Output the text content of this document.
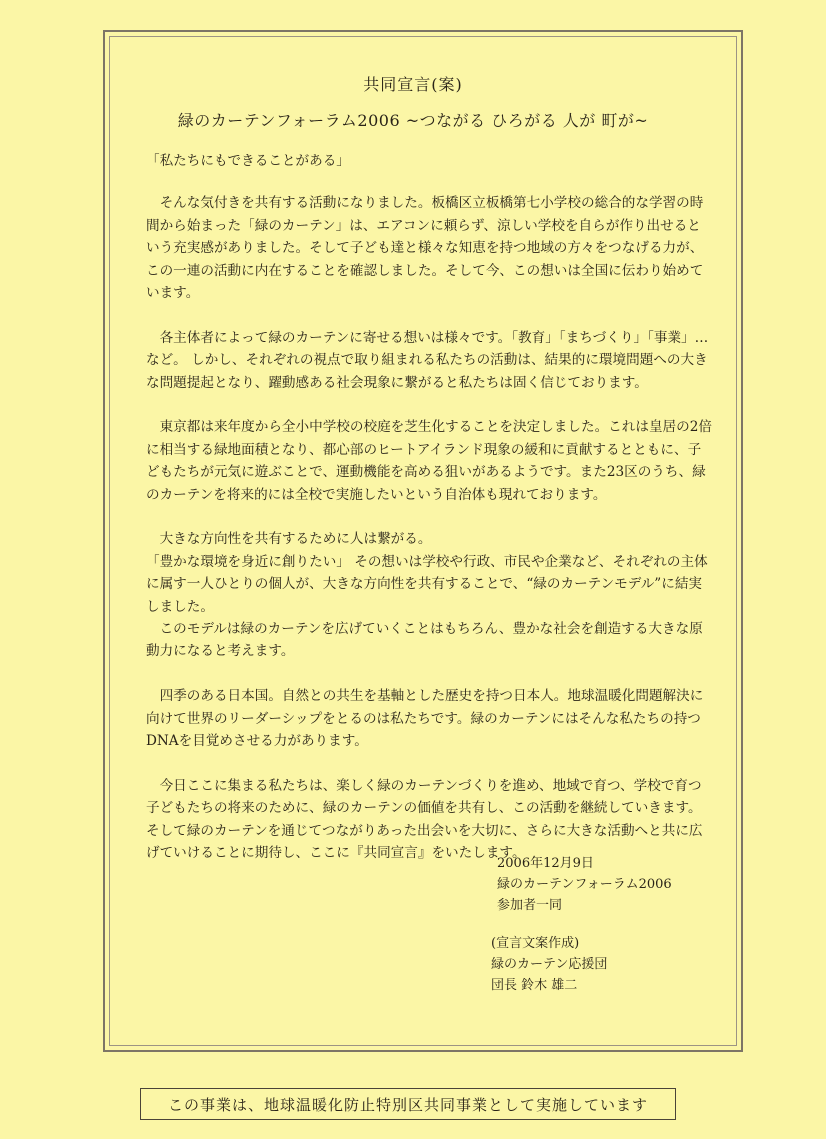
共同宣言(案)
緑のカーテンフォーラム2006 ~つながる ひろがる 人が 町が~

「私たちにもできることがある」

そんな気付きを共有する活動になりました。板橋区立板橋第七小学校の総合的な学習の時間から始まった「緑のカーテン」は、エアコンに頼らず、涼しい学校を自らが作り出せるという充実感がありました。そして子ども達と様々な知恵を持つ地域の方々をつなげる力が、この一連の活動に内在することを確認しました。そして今、この想いは全国に伝わり始めています。

各主体者によって緑のカーテンに寄せる想いは様々です。「教育」「まちづくり」「事業」…など。 しかし、それぞれの視点で取り組まれる私たちの活動は、結果的に環境問題への大きな問題提起となり、躍動感ある社会現象に繋がると私たちは固く信じております。

東京都は来年度から全小中学校の校庭を芝生化することを決定しました。これは皇居の2倍に相当する緑地面積となり、都心部のヒートアイランド現象の緩和に貢献するとともに、子どもたちが元気に遊ぶことで、運動機能を高める狙いがあるようです。また23区のうち、緑のカーテンを将来的には全校で実施したいという自治体も現れております。

大きな方向性を共有するために人は繋がる。

「豊かな環境を身近に創りたい」 その想いは学校や行政、市民や企業など、それぞれの主体に属す一人ひとりの個人が、大きな方向性を共有することで、“緑のカーテンモデル”に結実しました。

このモデルは緑のカーテンを広げていくことはもちろん、豊かな社会を創造する大きな原動力になると考えます。

四季のある日本国。自然との共生を基軸とした歴史を持つ日本人。地球温暖化問題解決に向けて世界のリーダーシップをとるのは私たちです。緑のカーテンにはそんな私たちの持つDNAを目覚めさせる力があります。

今日ここに集まる私たちは、楽しく緑のカーテンづくりを進め、地域で育つ、学校で育つ子どもたちの将来のために、緑のカーテンの価値を共有し、この活動を継続していきます。そして緑のカーテンを通じてつながりあった出会いを大切に、さらに大きな活動へと共に広げていけることに期待し、ここに『共同宣言』をいたします。

2006年12月9日
緑のカーテンフォーラム2006
参加者一同
(宣言文案作成)
緑のカーテン応援団
団長 鈴木 雄二
この事業は、地球温暖化防止特別区共同事業として実施しています
